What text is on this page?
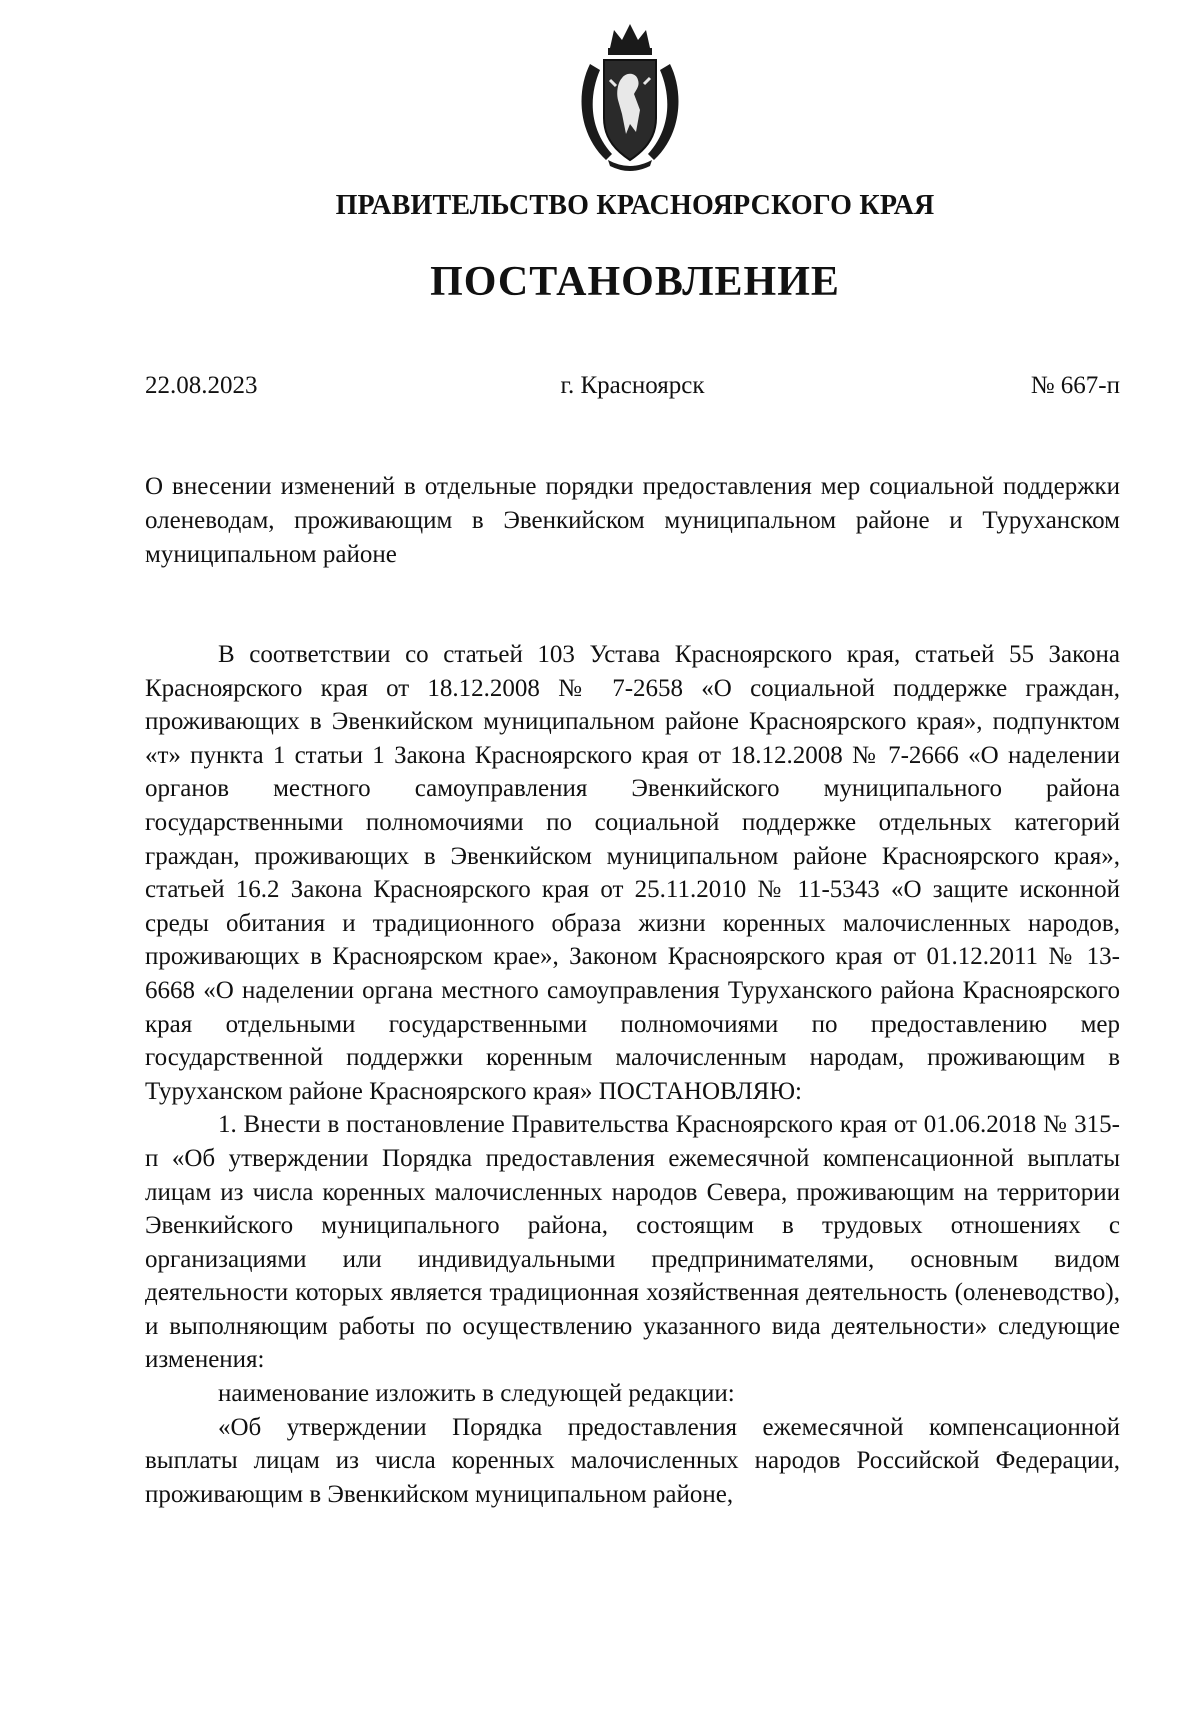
ПРАВИТЕЛЬСТВО КРАСНОЯРСКОГО КРАЯ
ПОСТАНОВЛЕНИЕ
22.08.2023	г. Красноярск	№ 667-п
О внесении изменений в отдельные порядки предоставления мер социальной поддержки оленеводам, проживающим в Эвенкийском муниципальном районе и Туруханском муниципальном районе

В соответствии со статьей 103 Устава Красноярского края, статьей 55 Закона Красноярского края от 18.12.2008 № 7-2658 «О социальной поддержке граждан, проживающих в Эвенкийском муниципальном районе Красноярского края», подпунктом «т» пункта 1 статьи 1 Закона Красноярского края от 18.12.2008 № 7-2666 «О наделении органов местного самоуправления Эвенкийского муниципального района государственными полномочиями по социальной поддержке отдельных категорий граждан, проживающих в Эвенкийском муниципальном районе Красноярского края», статьей 16.2 Закона Красноярского края от 25.11.2010 № 11-5343 «О защите исконной среды обитания и традиционного образа жизни коренных малочисленных народов, проживающих в Красноярском крае», Законом Красноярского края от 01.12.2011 № 13-6668 «О наделении органа местного самоуправления Туруханского района Красноярского края отдельными государственными полномочиями по предоставлению мер государственной поддержки коренным малочисленным народам, проживающим в Туруханском районе Красноярского края» ПОСТАНОВЛЯЮ:

1. Внести в постановление Правительства Красноярского края от 01.06.2018 № 315-п «Об утверждении Порядка предоставления ежемесячной компенсационной выплаты лицам из числа коренных малочисленных народов Севера, проживающим на территории Эвенкийского муниципального района, состоящим в трудовых отношениях с организациями или индивидуальными предпринимателями, основным видом деятельности которых является традиционная хозяйственная деятельность (оленеводство), и выполняющим работы по осуществлению указанного вида деятельности» следующие изменения:

наименование изложить в следующей редакции:

«Об утверждении Порядка предоставления ежемесячной компенсационной выплаты лицам из числа коренных малочисленных народов Российской Федерации, проживающим в Эвенкийском муниципальном районе,
